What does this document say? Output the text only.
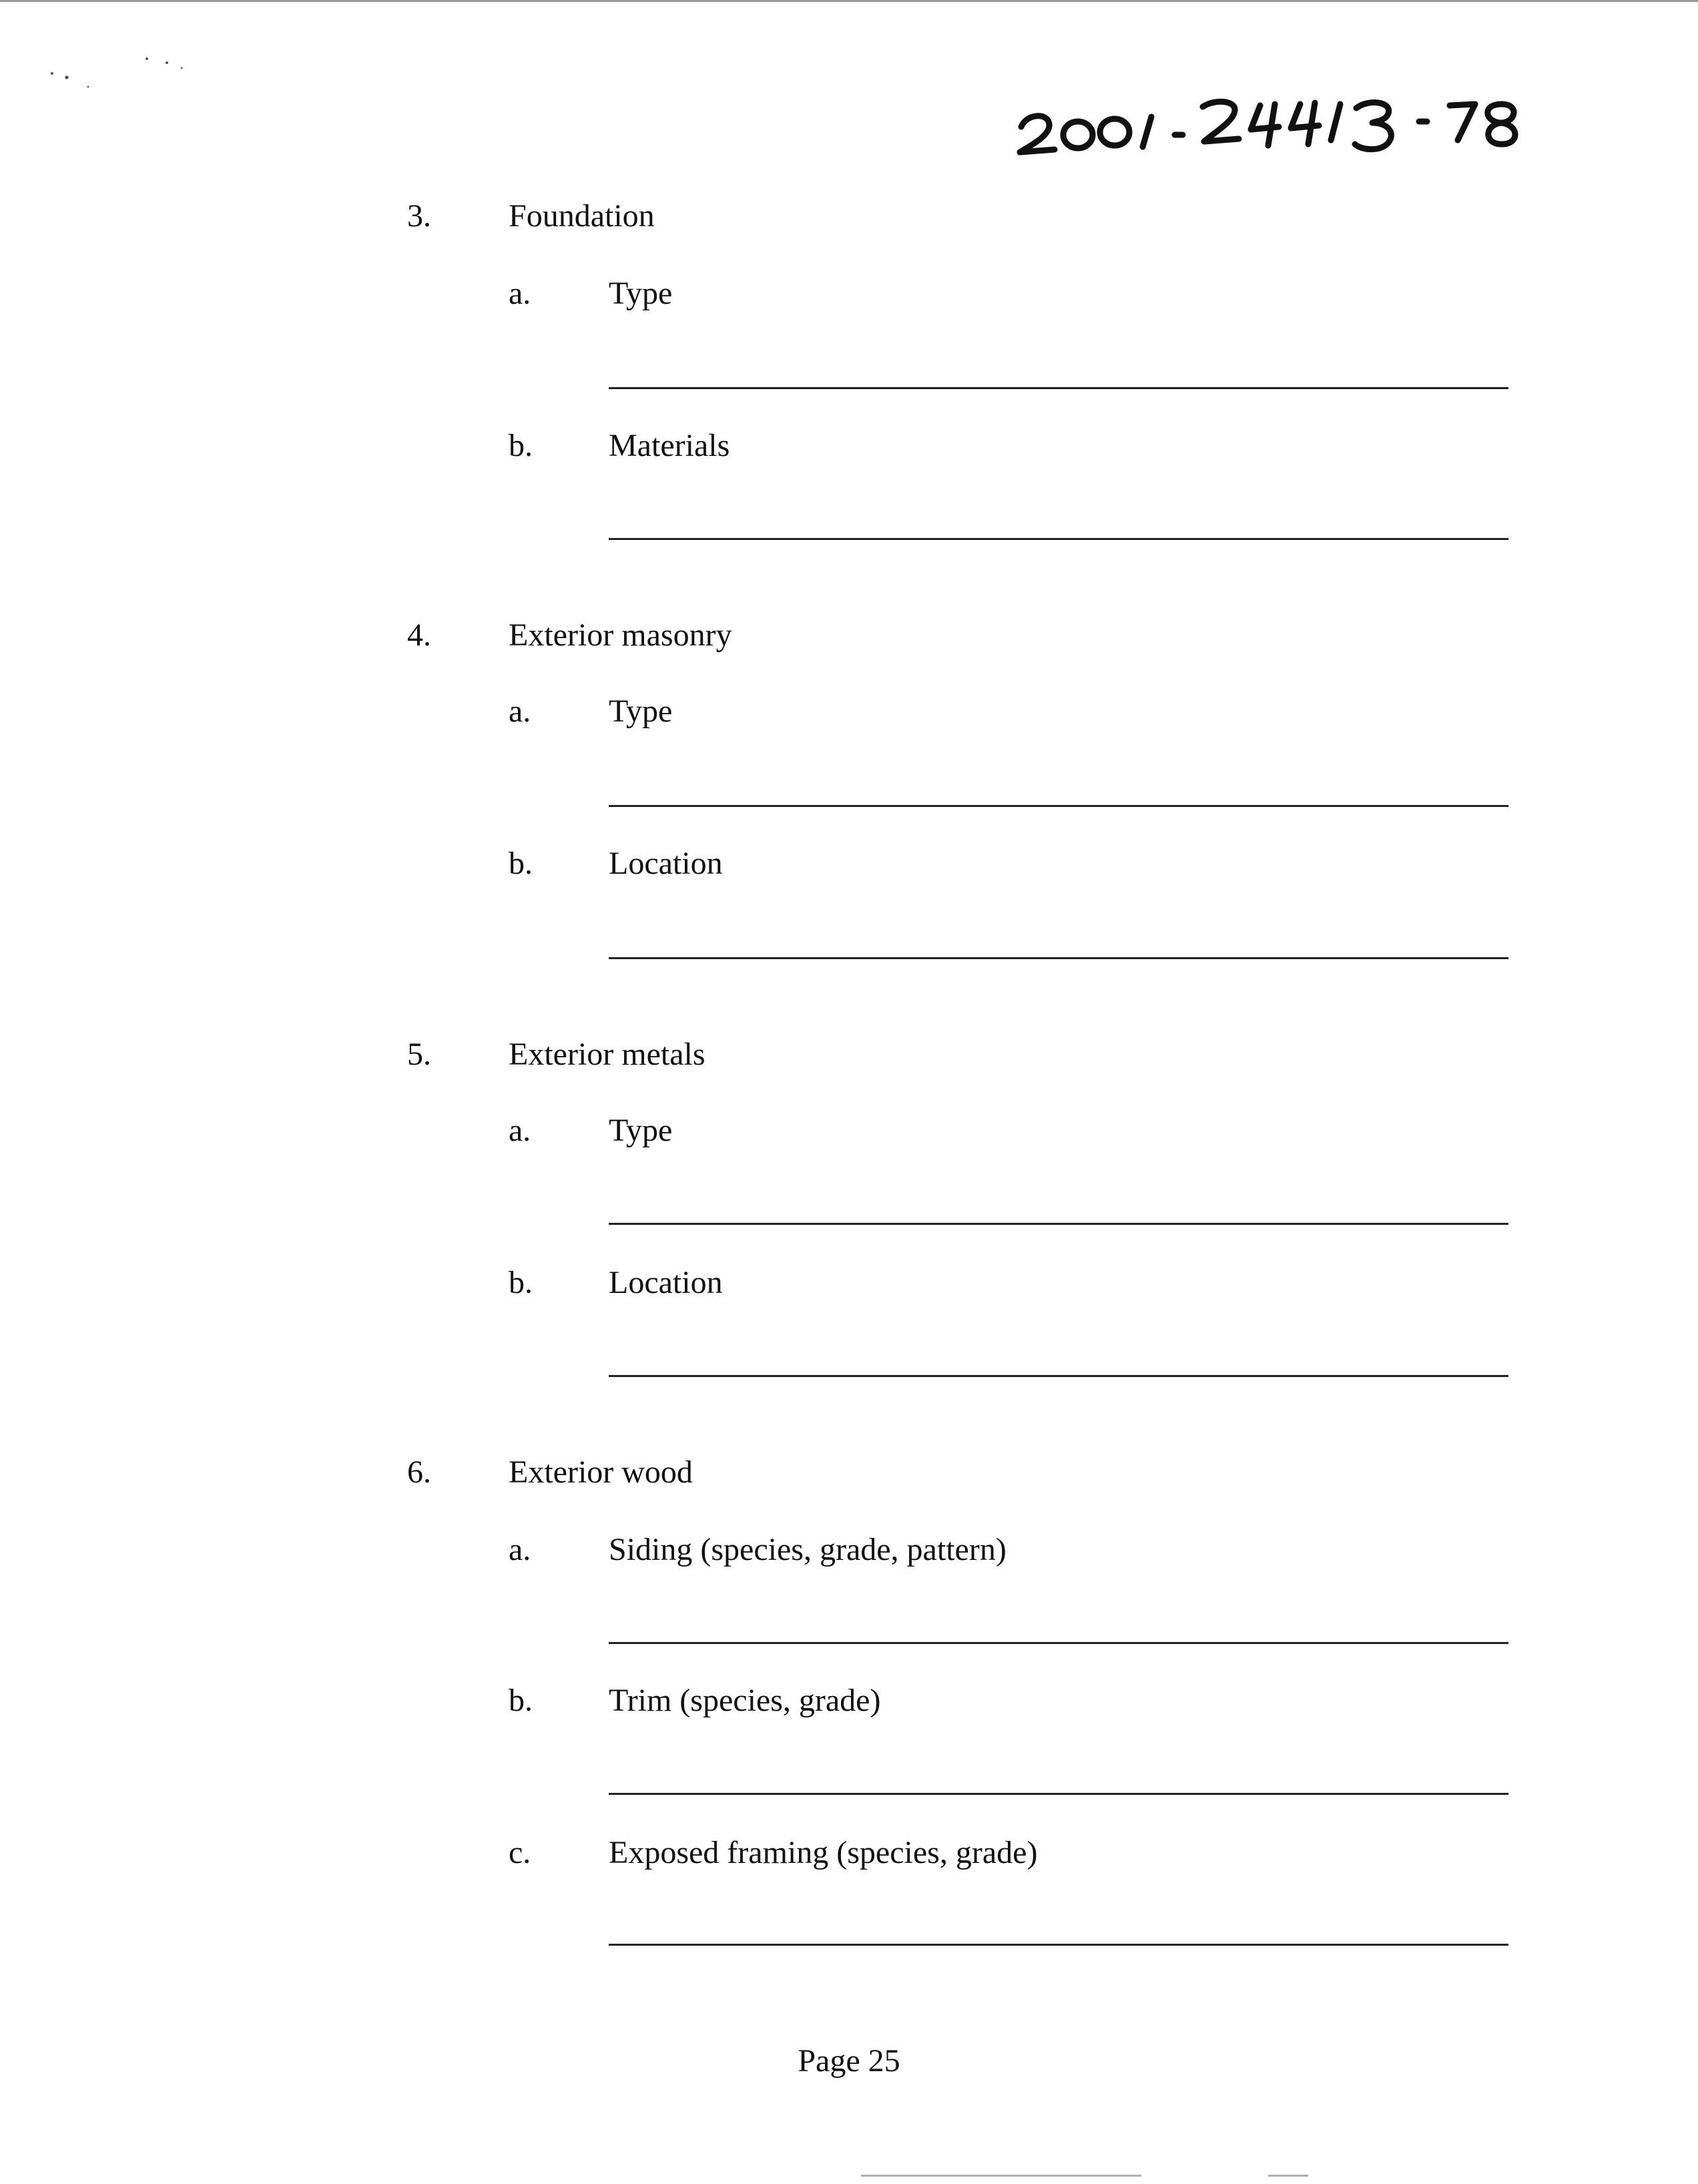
3. Foundation
a. Type
b. Materials
4. Exterior masonry
a. Type
b. Location
5. Exterior metals
a. Type
b. Location
6. Exterior wood
a. Siding (species, grade, pattern)
b. Trim (species, grade)
c. Exposed framing (species, grade)
Page 25
